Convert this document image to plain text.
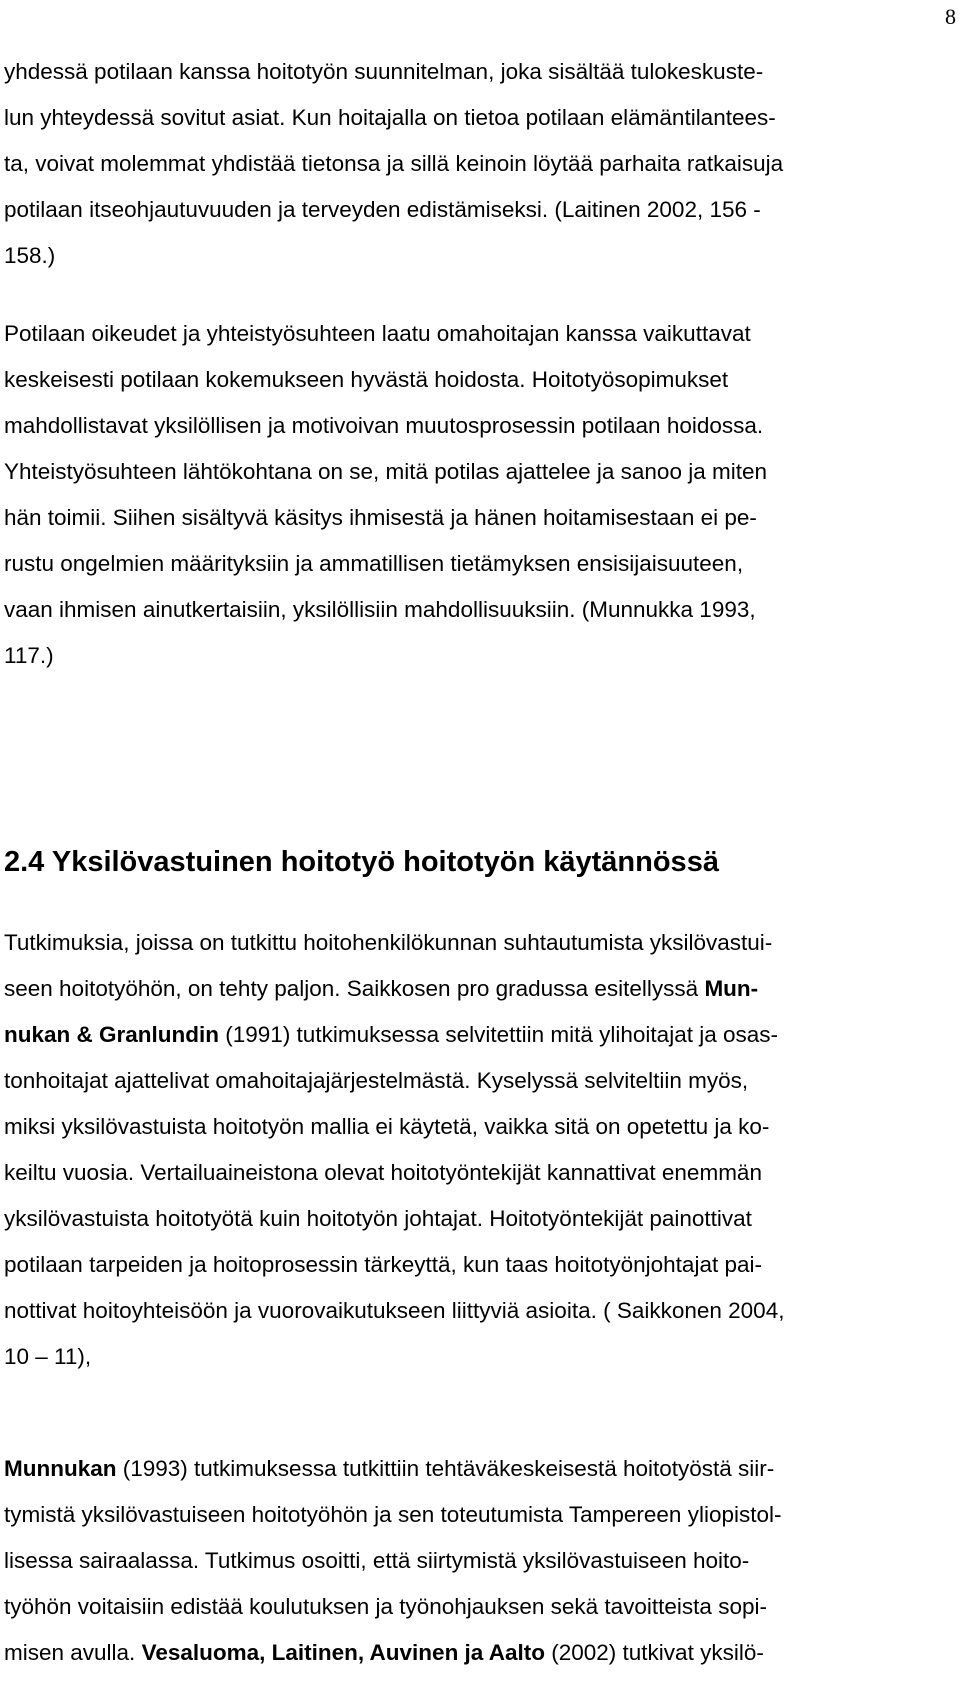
8
yhdessä potilaan kanssa hoitotyön suunnitelman, joka sisältää tulokeskuste-
lun yhteydessä sovitut asiat. Kun hoitajalla on tietoa potilaan elämäntilantees-
ta, voivat molemmat yhdistää tietonsa ja sillä keinoin löytää parhaita ratkaisuja
potilaan itseohjautuvuuden ja terveyden edistämiseksi. (Laitinen 2002, 156 -
158.)
Potilaan oikeudet ja yhteistyösuhteen laatu omahoitajan kanssa vaikuttavat
keskeisesti potilaan kokemukseen hyvästä hoidosta. Hoitotyösopimukset
mahdollistavat yksilöllisen ja motivoivan muutosprosessin potilaan hoidossa.
Yhteistyösuhteen lähtökohtana on se, mitä potilas ajattelee ja sanoo ja miten
hän toimii. Siihen sisältyvä käsitys ihmisestä ja hänen hoitamisestaan ei pe-
rustu ongelmien määrityksiin ja ammatillisen tietämyksen ensisijaisuuteen,
vaan ihmisen ainutkertaisiin, yksilöllisiin mahdollisuuksiin. (Munnukka 1993,
117.)
2.4 Yksilövastuinen hoitotyö hoitotyön käytännössä
Tutkimuksia, joissa on tutkittu hoitohenkilökunnan suhtautumista yksilövastui-
seen hoitotyöhön, on tehty paljon. Saikkosen pro gradussa esitellyssä Mun-
nukan & Granlundin (1991) tutkimuksessa selvitettiin mitä ylihoitajat ja osas-
tonhoitajat ajattelivat omahoitajajärjestelmästä. Kyselyssä selviteltiin myös,
miksi yksilövastuista hoitotyön mallia ei käytetä, vaikka sitä on opetettu ja ko-
keiltu vuosia. Vertailuaineistona olevat hoitotyöntekijät kannattivat enemmän
yksilövastuista hoitotyötä kuin hoitotyön johtajat. Hoitotyöntekijät painottivat
potilaan tarpeiden ja hoitoprosessin tärkeyttä, kun taas hoitotyönjohtajat pai-
nottivat hoitoyhteisöön ja vuorovaikutukseen liittyviä asioita. ( Saikkonen 2004,
10 – 11),
Munnukan (1993) tutkimuksessa tutkittiin tehtäväkeskeisestä hoitotyöstä siir-
tymistä yksilövastuiseen hoitotyöhön ja sen toteutumista Tampereen yliopistol-
lisessa sairaalassa. Tutkimus osoitti, että siirtymistä yksilövastuiseen hoito-
työhön voitaisiin edistää koulutuksen ja työnohjauksen sekä tavoitteista sopi-
misen avulla. Vesaluoma, Laitinen, Auvinen ja Aalto (2002) tutkivat yksilö-
